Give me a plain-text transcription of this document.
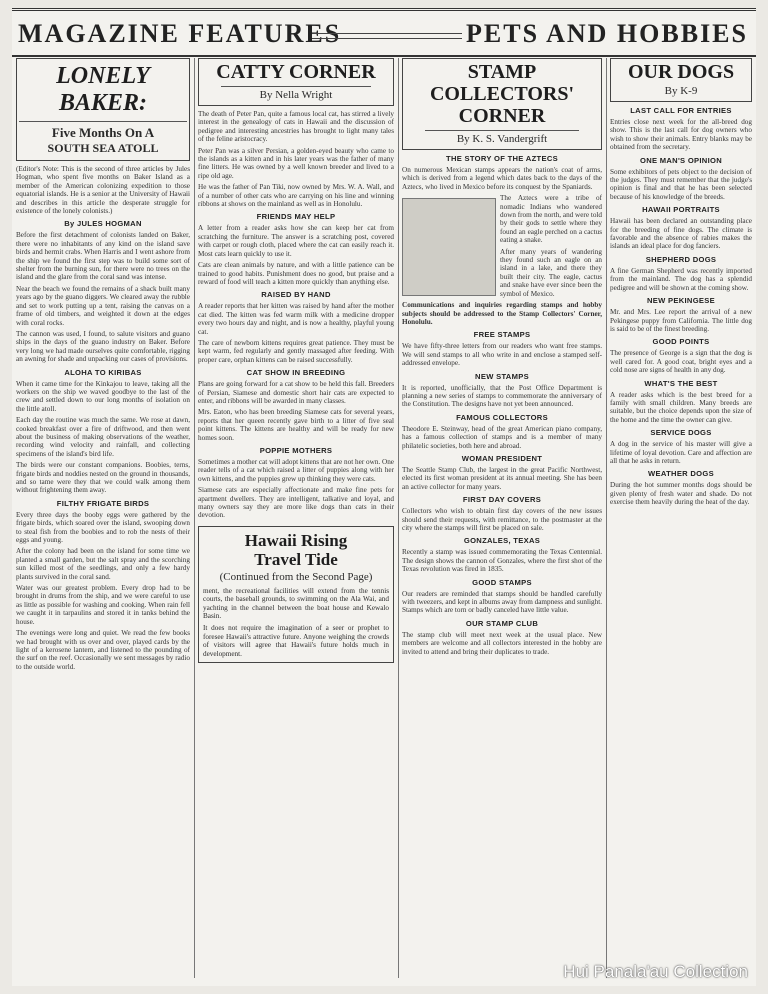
MAGAZINE FEATURES	PETS AND HOBBIES
LONELY BAKER:
Five Months On A
SOUTH SEA ATOLL

(Editor's Note: This is the second of three articles by Jules Hogman, who spent five months on Baker Island as a member of the American colonizing expedition to those equatorial islands. He is a senior at the University of Hawaii and describes in this article the desperate struggle for existence of the lonely colonists.)

By JULES HOGMAN

Before the first detachment of colonists landed on Baker, there were no inhabitants of any kind on the island save birds and hermit crabs. When Harris and I went ashore from the ship we found the first step was to build some sort of shelter from the burning sun, for there were no trees on the island and the glare from the coral sand was intense.

Near the beach we found the remains of a shack built many years ago by the guano diggers. We cleared away the rubble and set to work putting up a tent, raising the canvas on a frame of old timbers, and weighted it down at the edges with coral rocks.

The cannon was used, I found, to salute visitors and guano ships in the days of the guano industry on Baker. Before very long we had made ourselves quite comfortable, rigging an awning for shade and unpacking our cases of provisions.

ALOHA TO KIRIBAS

When it came time for the Kinkajou to leave, taking all the workers on the ship we waved goodbye to the last of the crew and settled down to our long months of isolation on the little atoll.

Each day the routine was much the same. We rose at dawn, cooked breakfast over a fire of driftwood, and then went about the business of making observations of the weather, recording wind velocity and rainfall, and collecting specimens of the island's bird life.

The birds were our constant companions. Boobies, terns, frigate birds and noddies nested on the ground in thousands, and so tame were they that we could walk among them without frightening them away.

FILTHY FRIGATE BIRDS

Every three days the booby eggs were gathered by the frigate birds, which soared over the island, swooping down to steal fish from the boobies and to rob the nests of their eggs and young.

After the colony had been on the island for some time we planted a small garden, but the salt spray and the scorching sun killed most of the seedlings, and only a few hardy plants survived in the coral sand.

Water was our greatest problem. Every drop had to be brought in drums from the ship, and we were careful to use as little as possible for washing and cooking. When rain fell we caught it in tarpaulins and stored it in tanks behind the house.

The evenings were long and quiet. We read the few books we had brought with us over and over, played cards by the light of a kerosene lantern, and listened to the pounding of the surf on the reef. Occasionally we sent messages by radio to the outside world.

CATTY CORNER
By Nella Wright

The death of Peter Pan, quite a famous local cat, has stirred a lively interest in the genealogy of cats in Hawaii and the discussion of pedigree and interesting ancestries has brought to light many tales of the feline aristocracy.

Peter Pan was a silver Persian, a golden-eyed beauty who came to the islands as a kitten and in his later years was the father of many fine litters. He was owned by a well known breeder and lived to a ripe old age.

He was the father of Pan Tiki, now owned by Mrs. W. A. Wall, and of a number of other cats who are carrying on his line and winning ribbons at shows on the mainland as well as in Honolulu.

FRIENDS MAY HELP

A letter from a reader asks how she can keep her cat from scratching the furniture. The answer is a scratching post, covered with carpet or rough cloth, placed where the cat can easily reach it. Most cats learn quickly to use it.

Cats are clean animals by nature, and with a little patience can be trained to good habits. Punishment does no good, but praise and a reward of food will teach a kitten more quickly than anything else.

RAISED BY HAND

A reader reports that her kitten was raised by hand after the mother cat died. The kitten was fed warm milk with a medicine dropper every two hours day and night, and is now a healthy, playful young cat.

The care of newborn kittens requires great patience. They must be kept warm, fed regularly and gently massaged after feeding. With proper care, orphan kittens can be raised successfully.

CAT SHOW IN BREEDING

Plans are going forward for a cat show to be held this fall. Breeders of Persian, Siamese and domestic short hair cats are expected to enter, and ribbons will be awarded in many classes.

Mrs. Eaton, who has been breeding Siamese cats for several years, reports that her queen recently gave birth to a litter of five seal point kittens. The kittens are healthy and will be ready for new homes soon.

POPPIE MOTHERS

Sometimes a mother cat will adopt kittens that are not her own. One reader tells of a cat which raised a litter of puppies along with her own kittens, and the puppies grew up thinking they were cats.

Siamese cats are especially affectionate and make fine pets for apartment dwellers. They are intelligent, talkative and loyal, and many owners say they are more like dogs than cats in their devotion.

Hawaii Rising
Travel Tide
(Continued from the Second Page)
ment, the recreational facilities will extend from the tennis courts, the baseball grounds, to swimming on the Ala Wai, and yachting in the channel between the boat house and Kewalo Basin.
It does not require the imagination of a seer or prophet to foresee Hawaii's attractive future. Anyone weighing the crowds of visitors will agree that Hawaii's future holds much in development.
STAMP COLLECTORS'
CORNER
By K. S. Vandergrift
THE STORY OF THE AZTECS

On numerous Mexican stamps appears the nation's coat of arms, which is derived from a legend which dates back to the days of the Aztecs, who lived in Mexico before its conquest by the Spaniards.

The Aztecs were a tribe of nomadic Indians who wandered down from the north, and were told by their gods to settle where they found an eagle perched on a cactus eating a snake.

After many years of wandering they found such an eagle on an island in a lake, and there they built their city. The eagle, cactus and snake have ever since been the symbol of Mexico.

Communications and inquiries regarding stamps and hobby subjects should be addressed to the Stamp Collectors' Corner, Honolulu.

FREE STAMPS

We have fifty-three letters from our readers who want free stamps. We will send stamps to all who write in and enclose a stamped self-addressed envelope.

NEW STAMPS

It is reported, unofficially, that the Post Office Department is planning a new series of stamps to commemorate the anniversary of the Constitution. The designs have not yet been announced.

FAMOUS COLLECTORS

Theodore E. Steinway, head of the great American piano company, has a famous collection of stamps and is a member of many philatelic societies, both here and abroad.

WOMAN PRESIDENT

The Seattle Stamp Club, the largest in the great Pacific Northwest, elected its first woman president at its annual meeting. She has been an active collector for many years.

FIRST DAY COVERS

Collectors who wish to obtain first day covers of the new issues should send their requests, with remittance, to the postmaster at the city where the stamps will first be placed on sale.

GONZALES, TEXAS

Recently a stamp was issued commemorating the Texas Centennial. The design shows the cannon of Gonzales, where the first shot of the Texas revolution was fired in 1835.

GOOD STAMPS

Our readers are reminded that stamps should be handled carefully with tweezers, and kept in albums away from dampness and sunlight. Stamps which are torn or badly canceled have little value.

OUR STAMP CLUB

The stamp club will meet next week at the usual place. New members are welcome and all collectors interested in the hobby are invited to attend and bring their duplicates to trade.

OUR DOGS
By K-9
LAST CALL FOR ENTRIES

Entries close next week for the all-breed dog show. This is the last call for dog owners who wish to show their animals. Entry blanks may be obtained from the secretary.

ONE MAN'S OPINION

Some exhibitors of pets object to the decision of the judges. They must remember that the judge's opinion is final and that he has been selected because of his knowledge of the breeds.

HAWAII PORTRAITS

Hawaii has been declared an outstanding place for the breeding of fine dogs. The climate is favorable and the absence of rabies makes the islands an ideal place for dog fanciers.

SHEPHERD DOGS

A fine German Shepherd was recently imported from the mainland. The dog has a splendid pedigree and will be shown at the coming show.

NEW PEKINGESE

Mr. and Mrs. Lee report the arrival of a new Pekingese puppy from California. The little dog is said to be of the finest breeding.

GOOD POINTS

The presence of George is a sign that the dog is well cared for. A good coat, bright eyes and a cold nose are signs of health in any dog.

WHAT'S THE BEST

A reader asks which is the best breed for a family with small children. Many breeds are suitable, but the choice depends upon the size of the home and the time the owner can give.

SERVICE DOGS

A dog in the service of his master will give a lifetime of loyal devotion. Care and affection are all that he asks in return.

WEATHER DOGS

During the hot summer months dogs should be given plenty of fresh water and shade. Do not exercise them heavily during the heat of the day.

Hui Panala'au Collection
